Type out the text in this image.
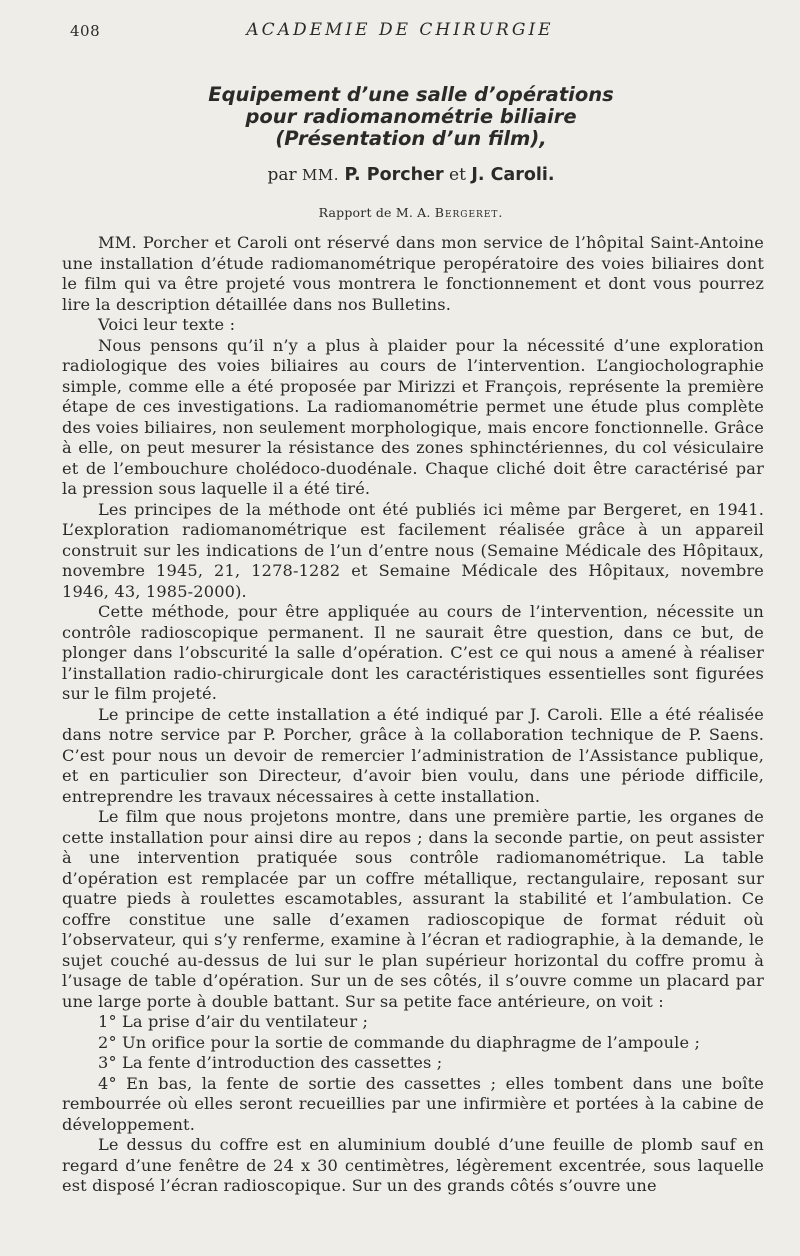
408	ACADEMIE DE CHIRURGIE

Equipement d’une salle d’opérations

pour radiomanométrie biliaire

(Présentation d’un film),

par MM. P. Porcher et J. Caroli.
Rapport de M. A. Bergeret.

MM. Porcher et Caroli ont réservé dans mon service de l’hôpital Saint-Antoine une installation d’étude radiomanométrique peropératoire des voies biliaires dont le film qui va être projeté vous montrera le fonctionnement et dont vous pourrez lire la description détaillée dans nos Bulletins.

Voici leur texte :

Nous pensons qu’il n’y a plus à plaider pour la nécessité d’une exploration radiologique des voies biliaires au cours de l’intervention. L’angiocholographie simple, comme elle a été proposée par Mirizzi et François, représente la première étape de ces investigations. La radiomanométrie permet une étude plus complète des voies biliaires, non seulement morphologique, mais encore fonctionnelle. Grâce à elle, on peut mesurer la résistance des zones sphinctériennes, du col vésiculaire et de l’embouchure cholédoco-duodénale. Chaque cliché doit être caractérisé par la pression sous laquelle il a été tiré.

Les principes de la méthode ont été publiés ici même par Bergeret, en 1941. L’exploration radiomanométrique est facilement réalisée grâce à un appareil construit sur les indications de l’un d’entre nous (Semaine Médicale des Hôpitaux, novembre 1945, 21, 1278-1282 et Semaine Médicale des Hôpitaux, novembre 1946, 43, 1985-2000).

Cette méthode, pour être appliquée au cours de l’intervention, nécessite un contrôle radioscopique permanent. Il ne saurait être question, dans ce but, de plonger dans l’obscurité la salle d’opération. C’est ce qui nous a amené à réaliser l’installation radio-chirurgicale dont les caractéristiques essentielles sont figurées sur le film projeté.

Le principe de cette installation a été indiqué par J. Caroli. Elle a été réalisée dans notre service par P. Porcher, grâce à la collaboration technique de P. Saens. C’est pour nous un devoir de remercier l’administration de l’Assistance publique, et en particulier son Directeur, d’avoir bien voulu, dans une période difficile, entreprendre les travaux nécessaires à cette installation.

Le film que nous projetons montre, dans une première partie, les organes de cette installation pour ainsi dire au repos ; dans la seconde partie, on peut assister à une intervention pratiquée sous contrôle radiomanométrique. La table d’opération est remplacée par un coffre métallique, rectangulaire, reposant sur quatre pieds à roulettes escamotables, assurant la stabilité et l’ambulation. Ce coffre constitue une salle d’examen radioscopique de format réduit où l’observateur, qui s’y renferme, examine à l’écran et radiographie, à la demande, le sujet couché au-dessus de lui sur le plan supérieur horizontal du coffre promu à l’usage de table d’opération. Sur un de ses côtés, il s’ouvre comme un placard par une large porte à double battant. Sur sa petite face antérieure, on voit :

1° La prise d’air du ventilateur ;

2° Un orifice pour la sortie de commande du diaphragme de l’ampoule ;

3° La fente d’introduction des cassettes ;

4° En bas, la fente de sortie des cassettes ; elles tombent dans une boîte rembourrée où elles seront recueillies par une infirmière et portées à la cabine de développement.

Le dessus du coffre est en aluminium doublé d’une feuille de plomb sauf en regard d’une fenêtre de 24 x 30 centimètres, légèrement excentrée, sous laquelle est disposé l’écran radioscopique. Sur un des grands côtés s’ouvre une
